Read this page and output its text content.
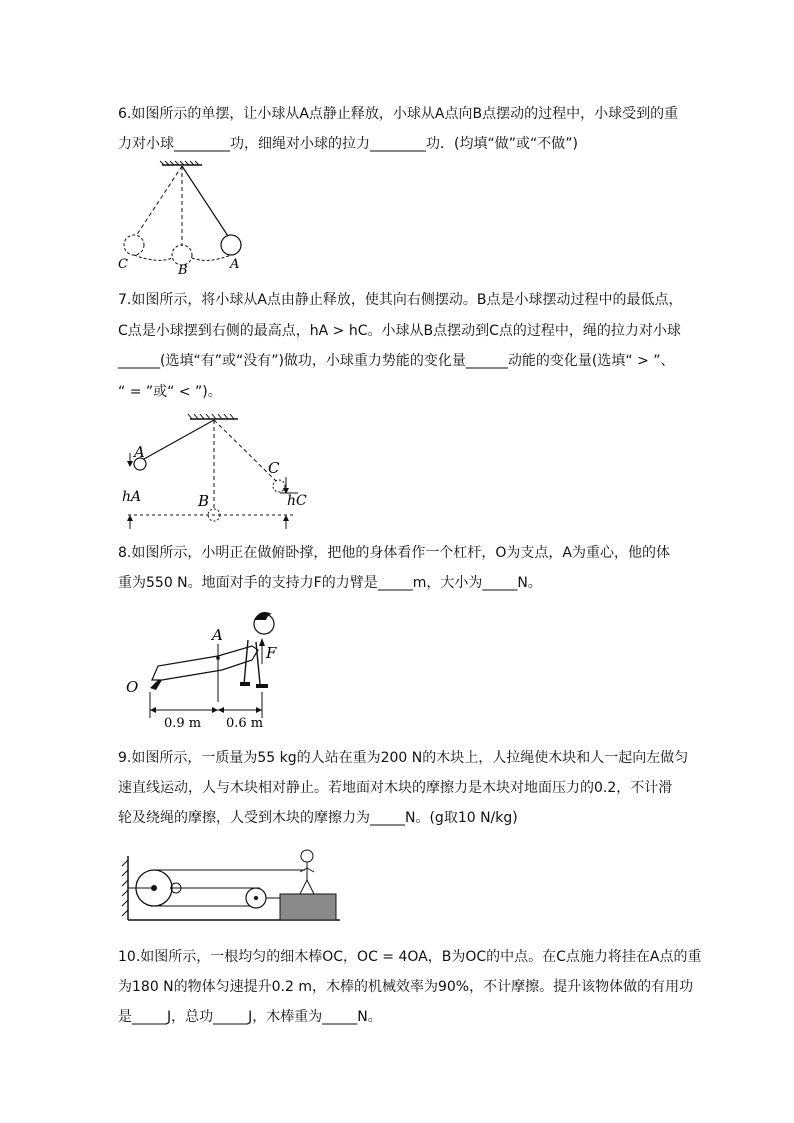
6.如图所示的单摆，让小球从A点静止释放，小球从A点向B点摆动的过程中，小球受到的重
力对小球________功，细绳对小球的拉力________功．(均填“做”或“不做”)
C	B	A
7.如图所示，将小球从A点由静止释放，使其向右侧摆动。B点是小球摆动过程中的最低点，
C点是小球摆到右侧的最高点，hA > hC。小球从B点摆动到C点的过程中，绳的拉力对小球
______(选填“有”或“没有”)做功，小球重力势能的变化量______动能的变化量(选填“ > ”、
“ = ”或“ < ”)。
A
C
hA	B	hC
8.如图所示，小明正在做俯卧撑，把他的身体看作一个杠杆，O为支点，A为重心，他的体
重为550 N。地面对手的支持力F的力臂是_____m，大小为_____N。
A
F
O
0.9 m 0.6 m
9.如图所示，一质量为55 kg的人站在重为200 N的木块上，人拉绳使木块和人一起向左做匀
速直线运动，人与木块相对静止。若地面对木块的摩擦力是木块对地面压力的0.2，不计滑
轮及绕绳的摩擦，人受到木块的摩擦力为_____N。(g取10 N/kg)
10.如图所示，一根均匀的细木棒OC，OC = 4OA，B为OC的中点。在C点施力将挂在A点的重
为180 N的物体匀速提升0.2 m，木棒的机械效率为90%，不计摩擦。提升该物体做的有用功
是_____J，总功_____J，木棒重为_____N。
